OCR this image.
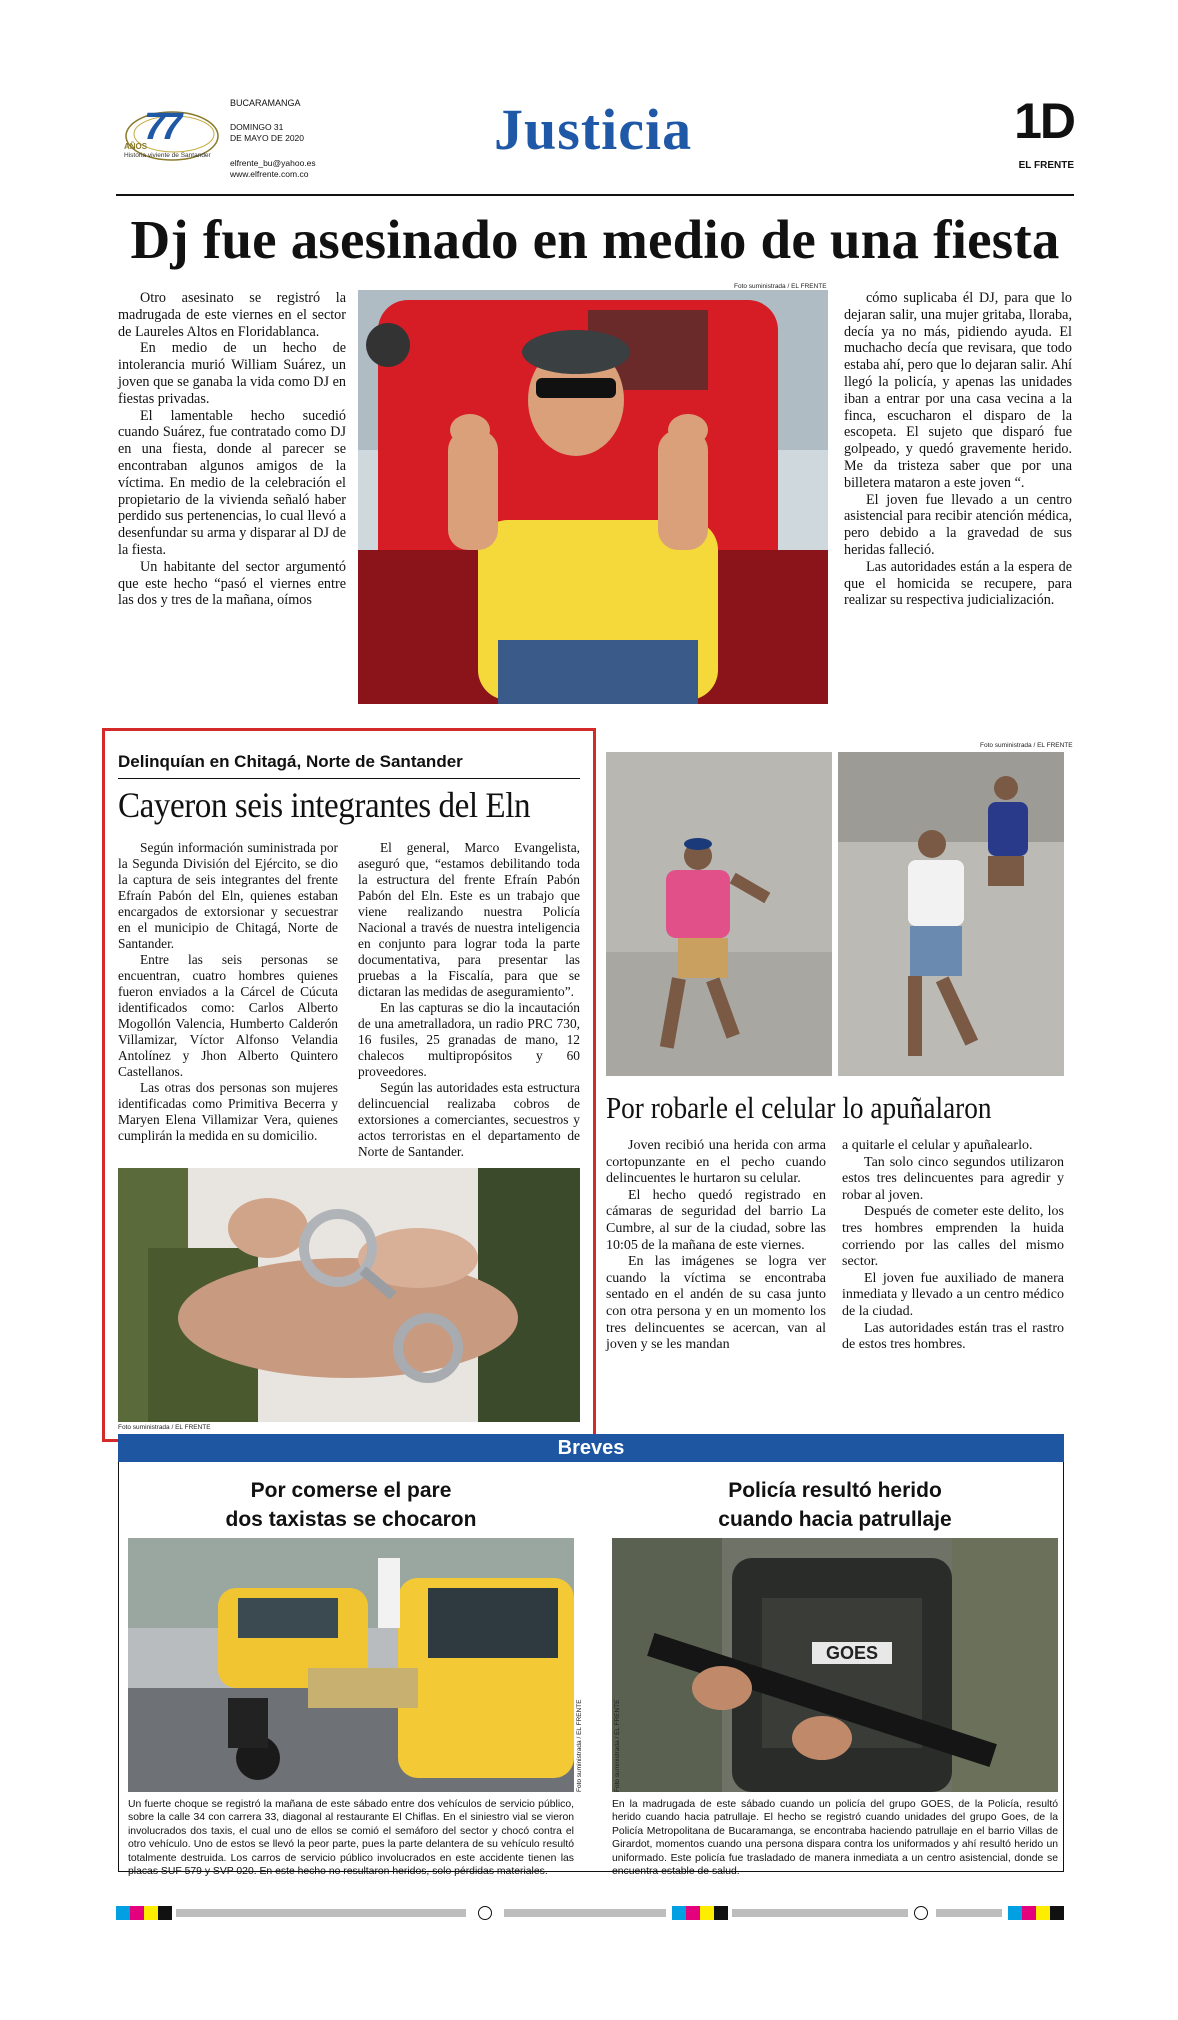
77
AÑOS
Historia viviente de Santander
BUCARAMANGA
DOMINGO 31
DE MAYO DE 2020
elfrente_bu@yahoo.es
www.elfrente.com.co
Justicia	1D
EL FRENTE
Dj fue asesinado en medio de una fiesta

Otro asesinato se registró la madrugada de este viernes en el sector de Laureles Altos en Floridablanca.

En medio de un hecho de intolerancia murió William Suárez, un joven que se ganaba la vida como DJ en fiestas privadas.

El lamentable hecho sucedió cuando Suárez, fue contratado como DJ en una fiesta, donde al parecer se encontraban algunos amigos de la víctima. En medio de la celebración el propietario de la vivienda señaló haber perdido sus pertenencias, lo cual llevó a desenfundar su arma y disparar al DJ de la fiesta.

Un habitante del sector argumentó que este hecho “pasó el viernes entre las dos y tres de la mañana, oímos

Foto suministrada / EL FRENTE

cómo suplicaba él DJ, para que lo dejaran salir, una mujer gritaba, lloraba, decía ya no más, pidiendo ayuda. El muchacho decía que revisara, que todo estaba ahí, pero que lo dejaran salir. Ahí llegó la policía, y apenas las unidades iban a entrar por una casa vecina a la finca, escucharon el disparo de la escopeta. El sujeto que disparó fue golpeado, y quedó gravemente herido. Me da tristeza saber que por una billetera mataron a este joven “.

El joven fue llevado a un centro asistencial para recibir atención médica, pero debido a la gravedad de sus heridas falleció.

Las autoridades están a la espera de que el homicida se recupere, para realizar su respectiva judicialización.

Delinquían en Chitagá, Norte de Santander
Cayeron seis integrantes del Eln

Según información suministrada por la Segunda División del Ejército, se dio la captura de seis integrantes del frente Efraín Pabón del Eln, quienes estaban encargados de extorsionar y secuestrar en el municipio de Chitagá, Norte de Santander.

Entre las seis personas se encuentran, cuatro hombres quienes fueron enviados a la Cárcel de Cúcuta identificados como: Carlos Alberto Mogollón Valencia, Humberto Calderón Villamizar, Víctor Alfonso Velandia Antolínez y Jhon Alberto Quintero Castellanos.

Las otras dos personas son mujeres identificadas como Primitiva Becerra y Maryen Elena Villamizar Vera, quienes cumplirán la medida en su domicilio.

El general, Marco Evangelista, aseguró que, “estamos debilitando toda la estructura del frente Efraín Pabón Pabón del Eln. Este es un trabajo que viene realizando nuestra Policía Nacional a través de nuestra inteligencia en conjunto para lograr toda la parte documentativa, para presentar las pruebas a la Fiscalía, para que se dictaran las medidas de aseguramiento”.

En las capturas se dio la incautación de una ametralladora, un radio PRC 730, 16 fusiles, 25 granadas de mano, 12 chalecos multipropósitos y 60 proveedores.

Según las autoridades esta estructura delincuencial realizaba cobros de extorsiones a comerciantes, secuestros y actos terroristas en el departamento de Norte de Santander.

Foto suministrada / EL FRENTE
Foto suministrada / EL FRENTE
Por robarle el celular lo apuñalaron

Joven recibió una herida con arma cortopunzante en el pecho cuando delincuentes le hurtaron su celular.

El hecho quedó registrado en cámaras de seguridad del barrio La Cumbre, al sur de la ciudad, sobre las 10:05 de la mañana de este viernes.

En las imágenes se logra ver cuando la víctima se encontraba sentado en el andén de su casa junto con otra persona y en un momento los tres delincuentes se acercan, van al joven y se les mandan

a quitarle el celular y apuñalearlo.

Tan solo cinco segundos utilizaron estos tres delincuentes para agredir y robar al joven.

Después de cometer este delito, los tres hombres emprenden la huida corriendo por las calles del mismo sector.

El joven fue auxiliado de manera inmediata y llevado a un centro médico de la ciudad.

Las autoridades están tras el rastro de estos tres hombres.

Breves
Por comerse el pare
dos taxistas se chocaron
Foto suministrada / EL FRENTE
Un fuerte choque se registró la mañana de este sábado entre dos vehículos de servicio público, sobre la calle 34 con carrera 33, diagonal al restaurante El Chiflas. En el siniestro vial se vieron involucrados dos taxis, el cual uno de ellos se comió el semáforo del sector y chocó contra el otro vehículo. Uno de estos se llevó la peor parte, pues la parte delantera de su vehículo resultó totalmente destruida. Los carros de servicio público involucrados en este accidente tienen las placas SUF 579 y SVP 020. En este hecho no resultaron heridos, solo pérdidas materiales.
Policía resultó herido
cuando hacia patrullaje
GOES
Foto suministrada / EL FRENTE
En la madrugada de este sábado cuando un policía del grupo GOES, de la Policía, resultó herido cuando hacia patrullaje. El hecho se registró cuando unidades del grupo Goes, de la Policía Metropolitana de Bucaramanga, se encontraba haciendo patrullaje en el barrio Villas de Girardot, momentos cuando una persona dispara contra los uniformados y ahí resultó herido un uniformado. Este policía fue trasladado de manera inmediata a un centro asistencial, donde se encuentra estable de salud.
